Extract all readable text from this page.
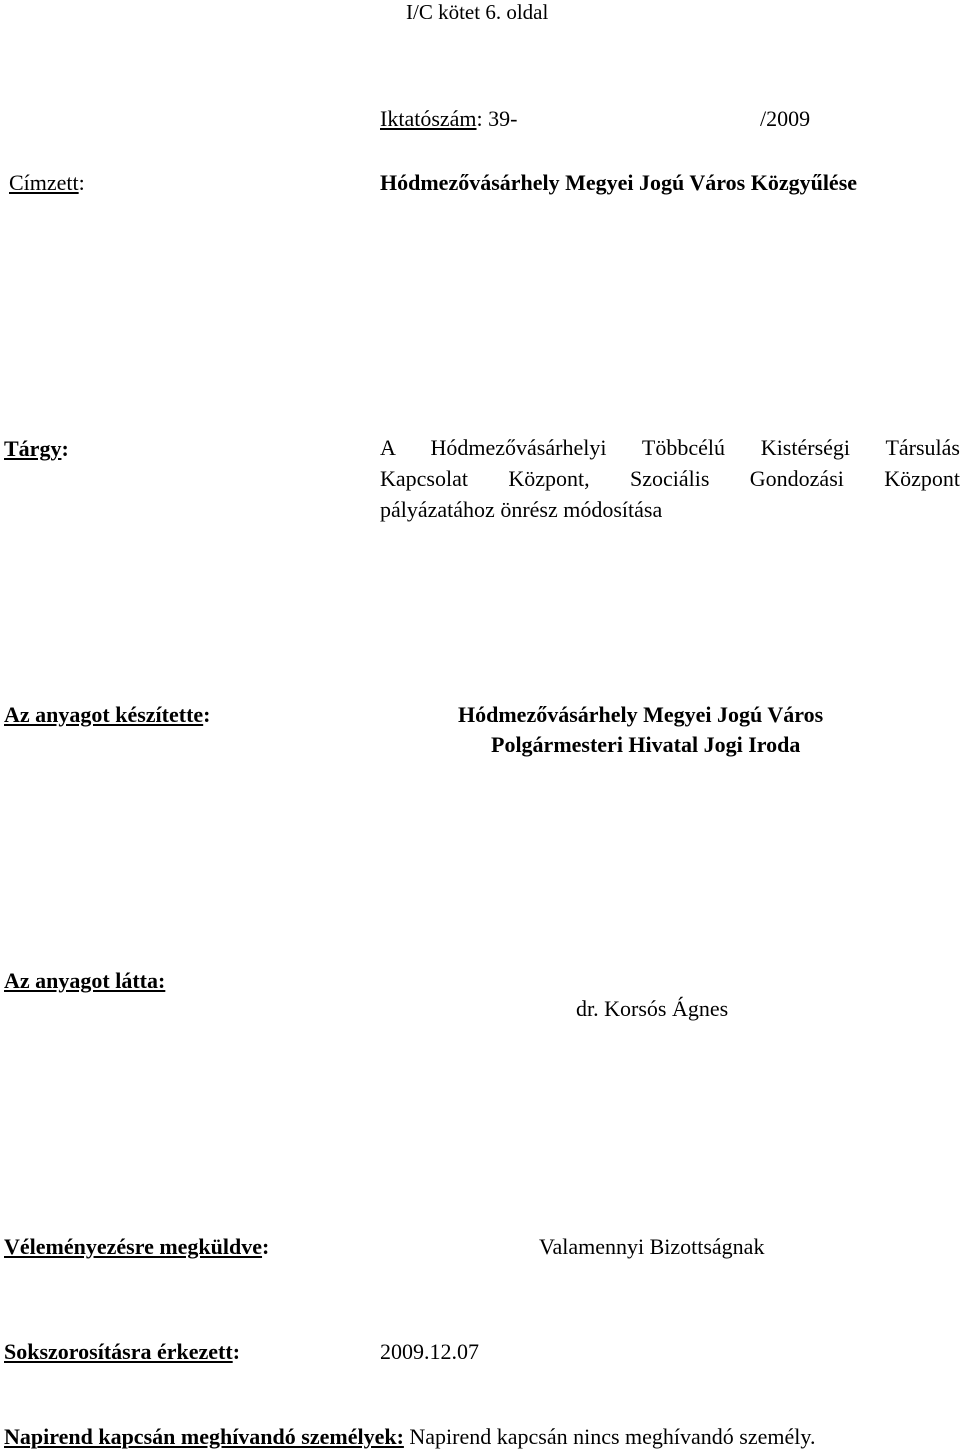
I/C kötet 6. oldal
Iktatószám: 39-	/2009
Címzett:	Hódmezővásárhely Megyei Jogú Város Közgyűlése
Tárgy:	A Hódmezővásárhelyi Többcélú Kistérségi Társulás
Kapcsolat Központ, Szociális Gondozási Központ
pályázatához önrész módosítása
Az anyagot készítette:	Hódmezővásárhely Megyei Jogú Város
Polgármesteri Hivatal Jogi Iroda
Az anyagot látta:
dr. Korsós Ágnes
Véleményezésre megküldve:	Valamennyi Bizottságnak
Sokszorosításra érkezett:	2009.12.07
Napirend kapcsán meghívandó személyek: Napirend kapcsán nincs meghívandó személy.
